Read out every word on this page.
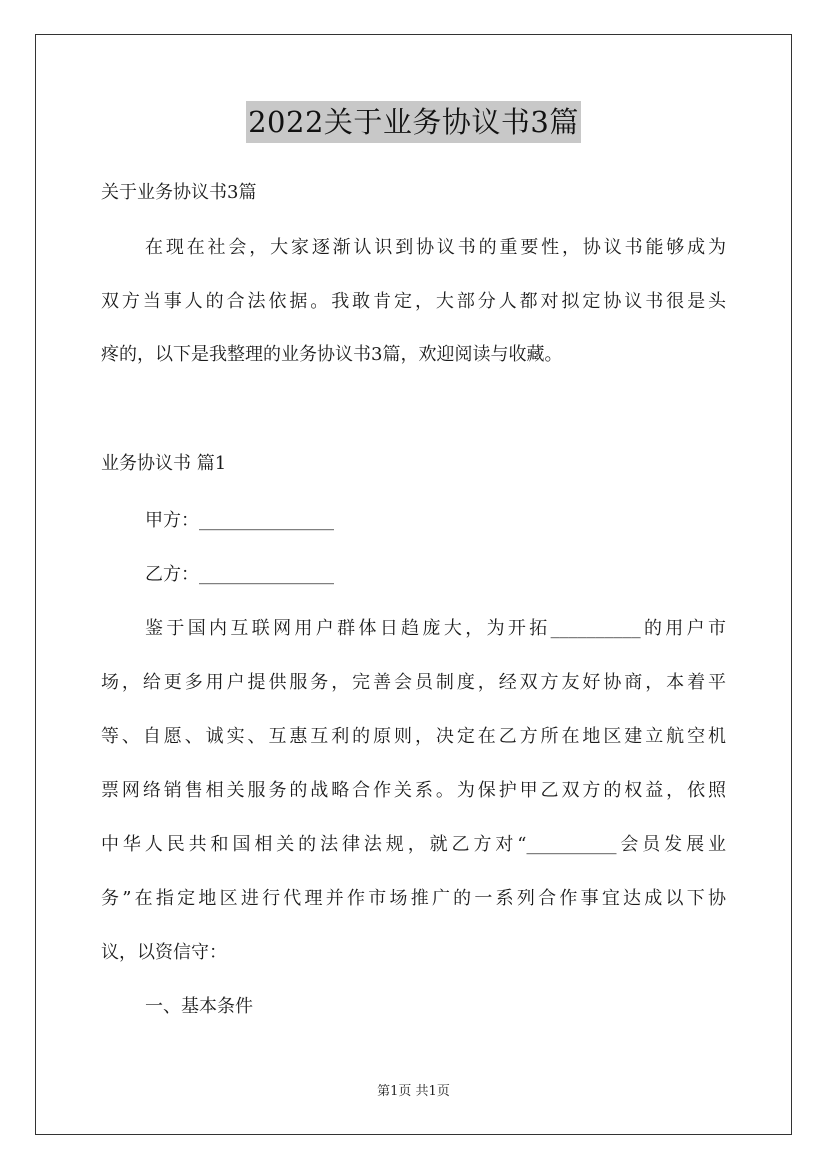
2022关于业务协议书3篇
关于业务协议书3篇
在现在社会，大家逐渐认识到协议书的重要性，协议书能够成为
双方当事人的合法依据。我敢肯定，大部分人都对拟定协议书很是头
疼的，以下是我整理的业务协议书3篇，欢迎阅读与收藏。
业务协议书 篇1
甲方：_______________
乙方：_______________
鉴于国内互联网用户群体日趋庞大，为开拓__________的用户市
场，给更多用户提供服务，完善会员制度，经双方友好协商，本着平
等、自愿、诚实、互惠互利的原则，决定在乙方所在地区建立航空机
票网络销售相关服务的战略合作关系。为保护甲乙双方的权益，依照
中华人民共和国相关的法律法规，就乙方对“__________会员发展业
务”在指定地区进行代理并作市场推广的一系列合作事宜达成以下协
议，以资信守：
一、基本条件
第1页 共1页
